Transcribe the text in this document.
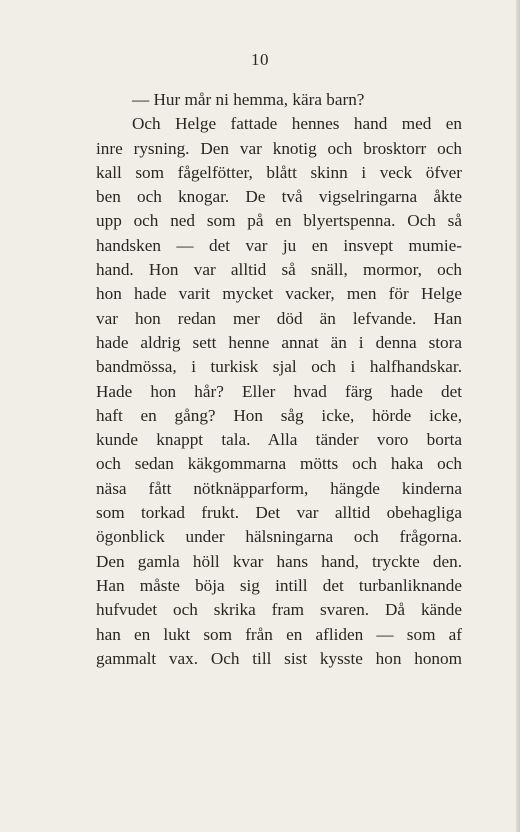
10
— Hur mår ni hemma, kära barn?
Och Helge fattade hennes hand med en
inre rysning. Den var knotig och brosktorr och
kall som fågelfötter, blått skinn i veck öfver
ben och knogar. De två vigselringarna åkte
upp och ned som på en blyertspenna. Och så
handsken — det var ju en insvept mumie-
hand. Hon var alltid så snäll, mormor, och
hon hade varit mycket vacker, men för Helge
var hon redan mer död än lefvande. Han
hade aldrig sett henne annat än i denna stora
bandmössa, i turkisk sjal och i halfhandskar.
Hade hon hår? Eller hvad färg hade det
haft en gång? Hon såg icke, hörde icke,
kunde knappt tala. Alla tänder voro borta
och sedan käkgommarna mötts och haka och
näsa fått nötknäpparform, hängde kinderna
som torkad frukt. Det var alltid obehagliga
ögonblick under hälsningarna och frågorna.
Den gamla höll kvar hans hand, tryckte den.
Han måste böja sig intill det turbanliknande
hufvudet och skrika fram svaren. Då kände
han en lukt som från en afliden — som af
gammalt vax. Och till sist kysste hon honom
